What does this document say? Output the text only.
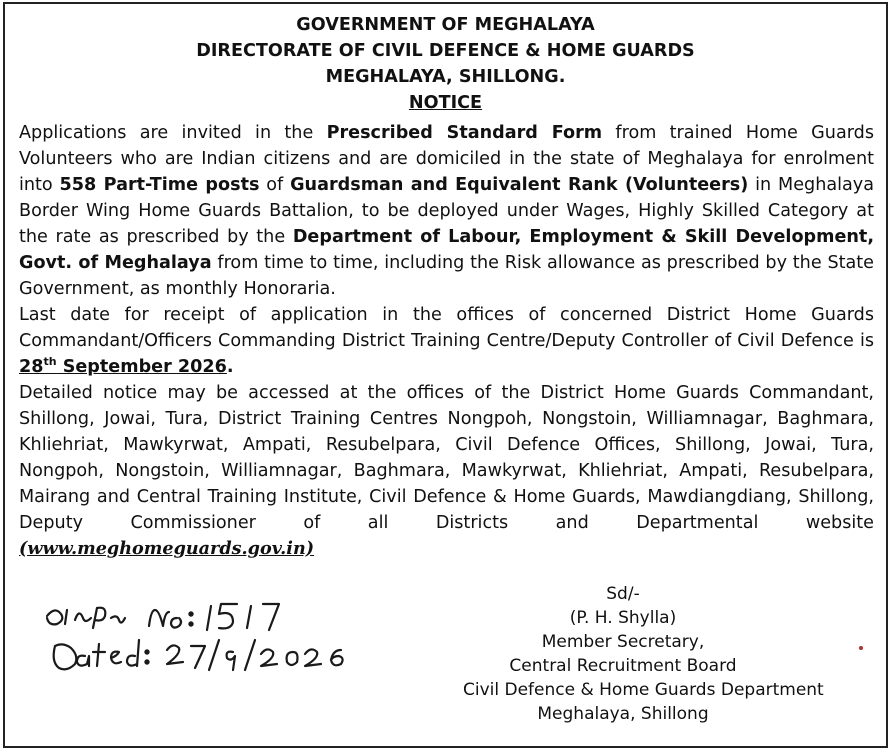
GOVERNMENT OF MEGHALAYA
DIRECTORATE OF CIVIL DEFENCE & HOME GUARDS
MEGHALAYA, SHILLONG.
NOTICE

Applications are invited in the Prescribed Standard Form from trained Home Guards Volunteers who are Indian citizens and are domiciled in the state of Meghalaya for enrolment into 558 Part-Time posts of Guardsman and Equivalent Rank (Volunteers) in Meghalaya Border Wing Home Guards Battalion, to be deployed under Wages, Highly Skilled Category at the rate as prescribed by the Department of Labour, Employment & Skill Development, Govt. of Meghalaya from time to time, including the Risk allowance as prescribed by the State Government, as monthly Honoraria.

Last date for receipt of application in the offices of concerned District Home Guards Commandant/Officers Commanding District Training Centre/Deputy Controller of Civil Defence is 28th September 2026.

Detailed notice may be accessed at the offices of the District Home Guards Commandant, Shillong, Jowai, Tura, District Training Centres Nongpoh, Nongstoin, Williamnagar, Baghmara, Khliehriat, Mawkyrwat, Ampati, Resubelpara, Civil Defence Offices, Shillong, Jowai, Tura, Nongpoh, Nongstoin, Williamnagar, Baghmara, Mawkyrwat, Khliehriat, Ampati, Resubelpara, Mairang and Central Training Institute, Civil Defence & Home Guards, Mawdiangdiang, Shillong, Deputy Commissioner of all Districts and Departmental website (www.meghomeguards.gov.in)

Sd/-
(P. H. Shylla)
Member Secretary,
Central Recruitment Board
Civil Defence & Home Guards Department
Meghalaya, Shillong
